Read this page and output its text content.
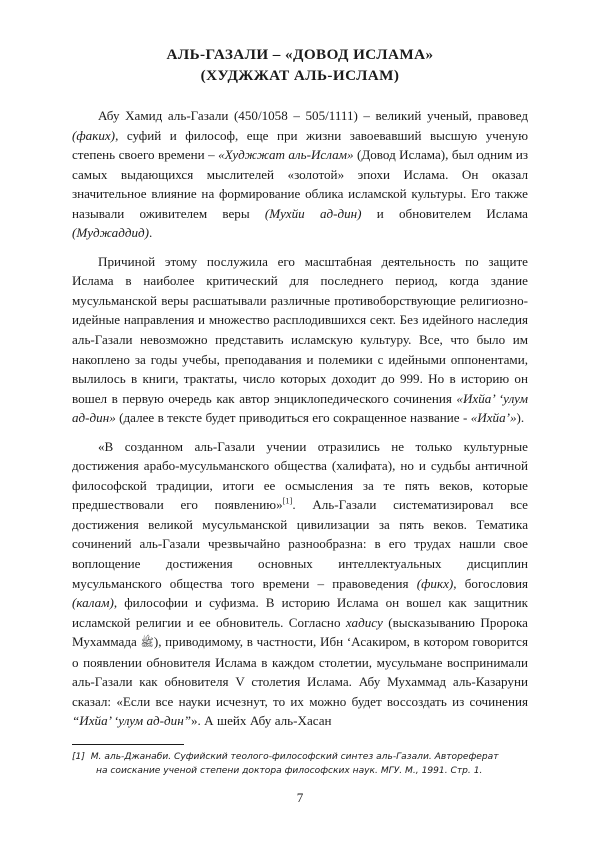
АЛЬ-ГАЗАЛИ – «ДОВОД ИСЛАМА»
(ХУДЖЖАТ АЛЬ-ИСЛАМ)

Абу Хамид аль-Газали (450/1058 – 505/1111) – великий ученый, правовед (факих), суфий и философ, еще при жизни завоевавший высшую ученую степень своего времени – «Худжжат аль-Ислам» (Довод Ислама), был одним из самых выдающихся мыслителей «золотой» эпохи Ислама. Он оказал значительное влияние на формирование облика исламской культуры. Его также называли оживителем веры (Мухйи ад-дин) и обновителем Ислама (Муджаддид).

Причиной этому послужила его масштабная деятельность по защите Ислама в наиболее критический для последнего период, когда здание мусульманской веры расшатывали различные противоборствующие религиозно-идейные направления и множество расплодившихся сект. Без идейного наследия аль-Газали невозможно представить исламскую культуру. Все, что было им накоплено за годы учебы, преподавания и полемики с идейными оппонентами, вылилось в книги, трактаты, число которых доходит до 999. Но в историю он вошел в первую очередь как автор энциклопедического сочинения «Ихйа’ ‘улум ад-дин» (далее в тексте будет приводиться его сокращенное название - «Ихйа’»).

«В созданном аль-Газали учении отразились не только культурные достижения арабо-мусульманского общества (халифата), но и судьбы античной философской традиции, итоги ее осмысления за те пять веков, которые предшествовали его появлению»[1]. Аль-Газали систематизировал все достижения великой мусульманской цивилизации за пять веков. Тематика сочинений аль-Газали чрезвычайно разнообразна: в его трудах нашли свое воплощение достижения основных интеллектуальных дисциплин мусульманского общества того времени – правоведения (фикх), богословия (калам), философии и суфизма. В историю Ислама он вошел как защитник исламской религии и ее обновитель. Согласно хадису (высказыванию Пророка Мухаммада ﷺ), приводимому, в частности, Ибн ‘Асакиром, в котором говорится о появлении обновителя Ислама в каждом столетии, мусульмане воспринимали аль-Газали как обновителя V столетия Ислама. Абу Мухаммад аль-Казаруни сказал: «Если все науки исчезнут, то их можно будет воссоздать из сочинения “Ихйа’ ‘улум ад-дин”». А шейх Абу аль-Хасан

[1] М. аль-Джанаби. Суфийский теолого-философский синтез аль-Газали. Автореферат
на соискание ученой степени доктора философских наук. МГУ. М., 1991. Стр. 1.
7
